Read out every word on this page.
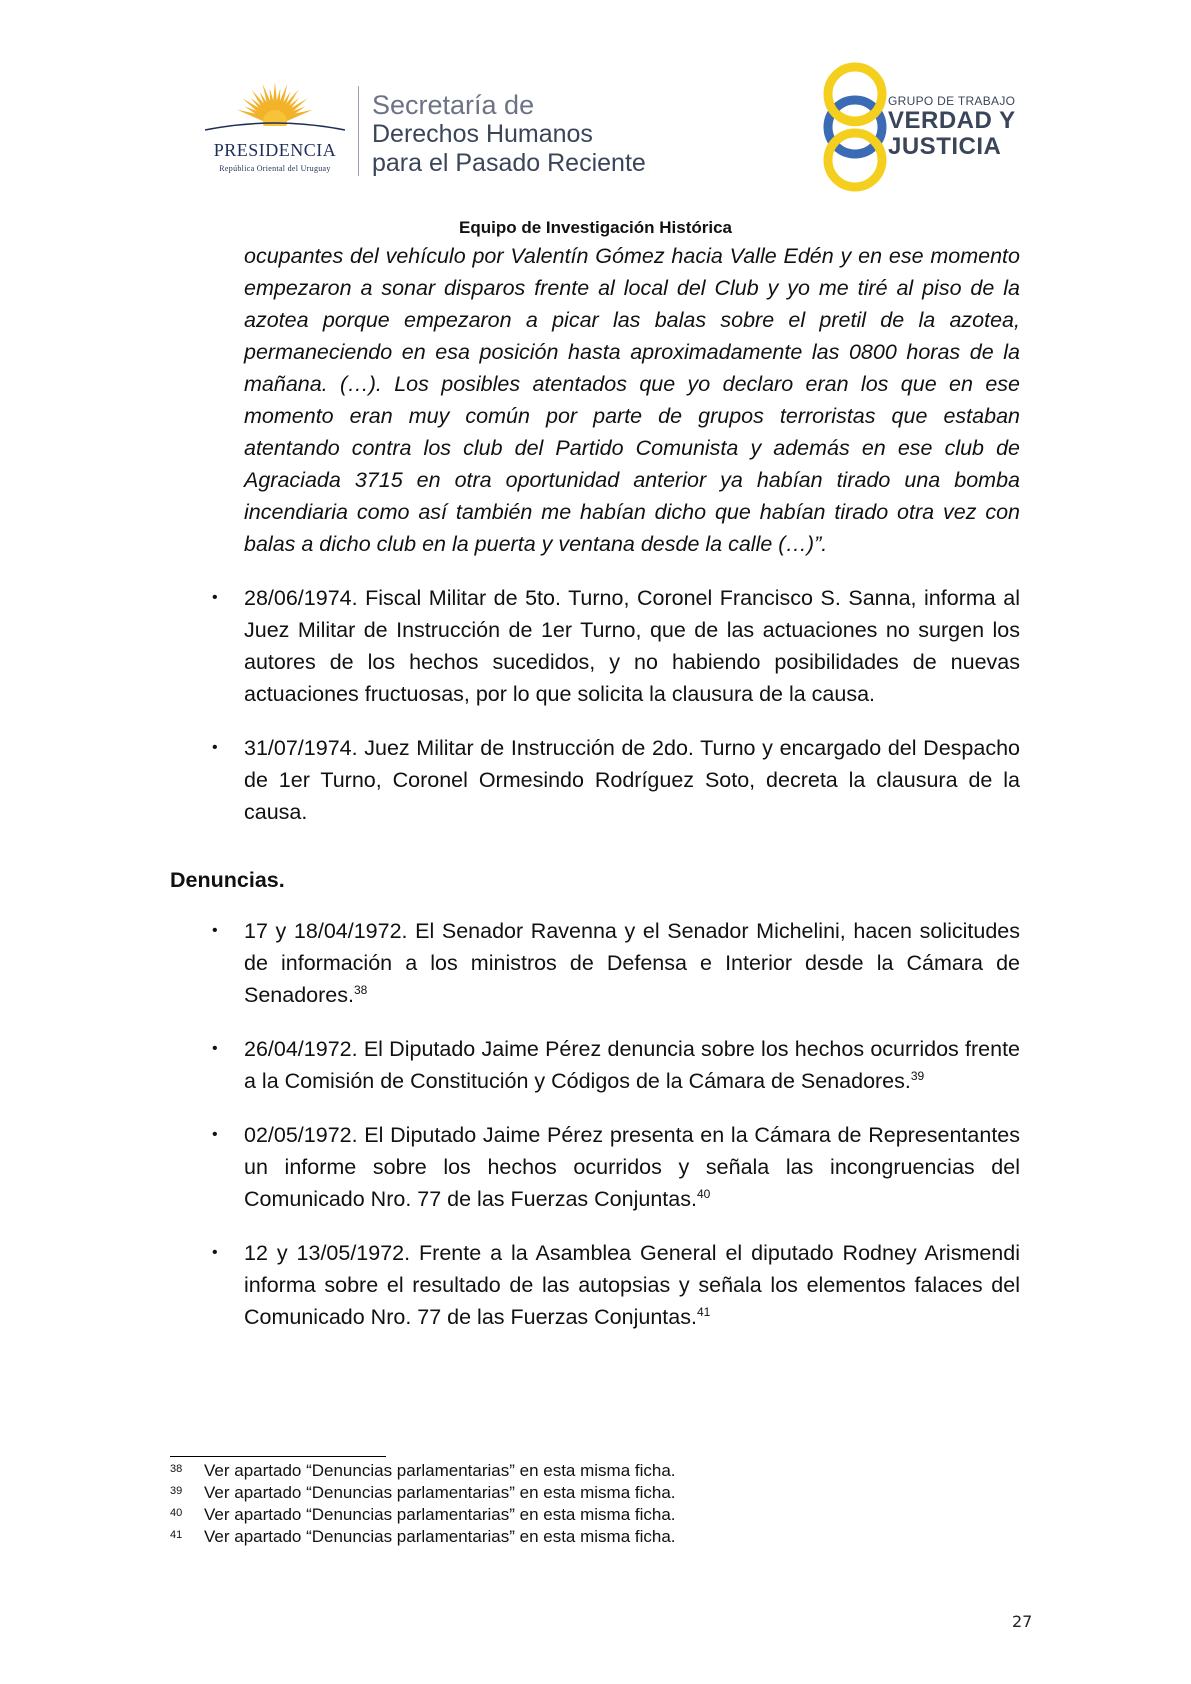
PRESIDENCIA
República Oriental del Uruguay
Secretaría de
Derechos Humanos
para el Pasado Reciente
GRUPO DE TRABAJO
VERDAD Y
JUSTICIA
Equipo de Investigación Histórica
ocupantes del vehículo por Valentín Gómez hacia Valle Edén y en ese momento empezaron a sonar disparos frente al local del Club y yo me tiré al piso de la azotea porque empezaron a picar las balas sobre el pretil de la azotea, permaneciendo en esa posición hasta aproximadamente las 0800 horas de la mañana. (…). Los posibles atentados que yo declaro eran los que en ese momento eran muy común por parte de grupos terroristas que estaban atentando contra los club del Partido Comunista y además en ese club de Agraciada 3715 en otra oportunidad anterior ya habían tirado una bomba incendiaria como así también me habían dicho que habían tirado otra vez con balas a dicho club en la puerta y ventana desde la calle (…)”.
• 28/06/1974. Fiscal Militar de 5to. Turno, Coronel Francisco S. Sanna, informa al Juez Militar de Instrucción de 1er Turno, que de las actuaciones no surgen los autores de los hechos sucedidos, y no habiendo posibilidades de nuevas actuaciones fructuosas, por lo que solicita la clausura de la causa.
• 31/07/1974. Juez Militar de Instrucción de 2do. Turno y encargado del Despacho de 1er Turno, Coronel Ormesindo Rodríguez Soto, decreta la clausura de la causa.
Denuncias.
• 17 y 18/04/1972. El Senador Ravenna y el Senador Michelini, hacen solicitudes de información a los ministros de Defensa e Interior desde la Cámara de Senadores.$^{38}$
• 26/04/1972. El Diputado Jaime Pérez denuncia sobre los hechos ocurridos frente a la Comisión de Constitución y Códigos de la Cámara de Senadores.$^{39}$
• 02/05/1972. El Diputado Jaime Pérez presenta en la Cámara de Representantes un informe sobre los hechos ocurridos y señala las incongruencias del Comunicado Nro. 77 de las Fuerzas Conjuntas.$^{40}$
• 12 y 13/05/1972. Frente a la Asamblea General el diputado Rodney Arismendi informa sobre el resultado de las autopsias y señala los elementos falaces del Comunicado Nro. 77 de las Fuerzas Conjuntas.$^{41}$
38 Ver apartado “Denuncias parlamentarias” en esta misma ficha.
39 Ver apartado “Denuncias parlamentarias” en esta misma ficha.
40 Ver apartado “Denuncias parlamentarias” en esta misma ficha.
41 Ver apartado “Denuncias parlamentarias” en esta misma ficha.
27
